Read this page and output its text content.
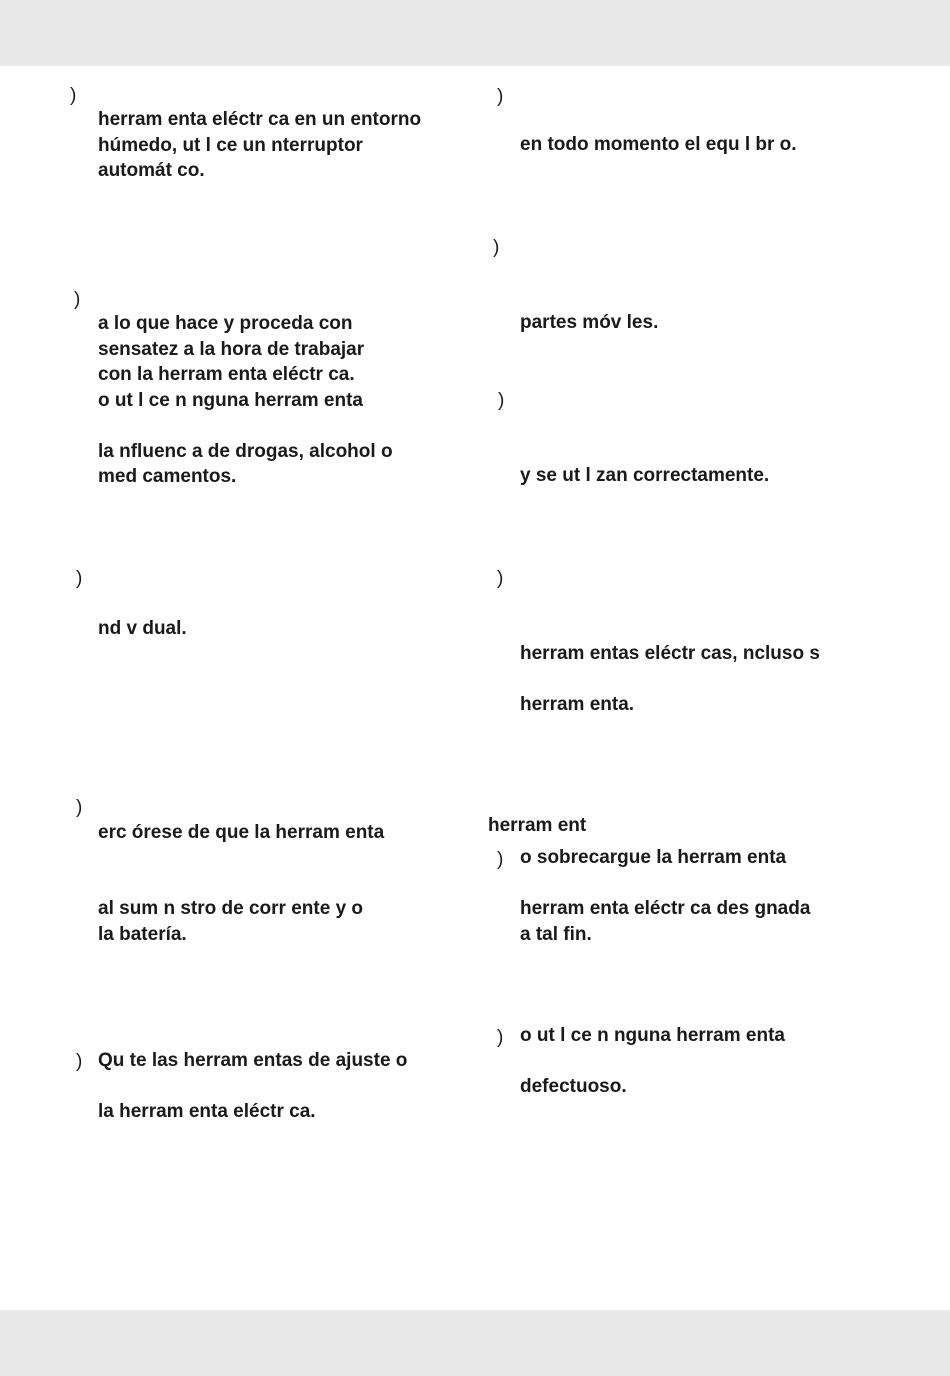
)

herram enta eléctr ca en un entorno

húmedo, ut l ce un nterruptor

automát co.

)

a lo que hace y proceda con

sensatez a la hora de trabajar

con la herram enta eléctr ca.

o ut l ce n nguna herram enta

la nfluenc a de drogas, alcohol o

med camentos.

)

nd v dual.

)

erc órese de que la herram enta

al sum n stro de corr ente y o

la batería.

) Qu te las herram entas de ajuste o

la herram enta eléctr ca.

)

en todo momento el equ l br o.

)

partes móv les.

)

y se ut l zan correctamente.

)

herram entas eléctr cas, ncluso s

herram enta.

herram ent

) o sobrecargue la herram enta

herram enta eléctr ca des gnada

a tal fin.

) o ut l ce n nguna herram enta

defectuoso.
